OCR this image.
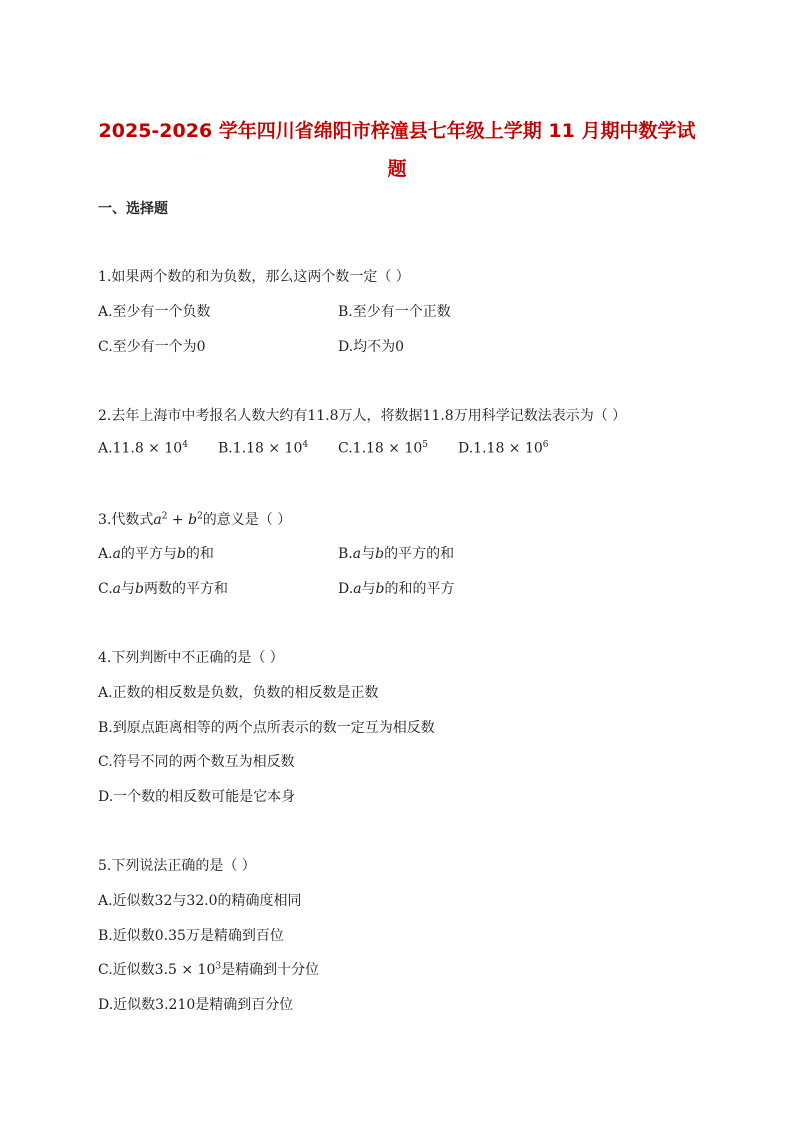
2025-2026 学年四川省绵阳市梓潼县七年级上学期 11 月期中数学试题
一、选择题
1.如果两个数的和为负数，那么这两个数一定（ ）
A.至少有一个负数	B.至少有一个正数
C.至少有一个为0	D.均不为0
2.去年上海市中考报名人数大约有11.8万人，将数据11.8万用科学记数法表示为（ ）
$A.11.8 \times 10^4$ $B.1.18 \times 10^4$ $C.1.18 \times 10^5$ $D.1.18 \times 10^6$
3.代数式$a^2 + b^2$的意义是（ ）
A.a的平方与b的和	B.a与b的平方的和
C.a与b两数的平方和	D.a与b的和的平方
4.下列判断中不正确的是（ ）
A.正数的相反数是负数，负数的相反数是正数
B.到原点距离相等的两个点所表示的数一定互为相反数
C.符号不同的两个数互为相反数
D.一个数的相反数可能是它本身
5.下列说法正确的是（ ）
A.近似数32与32.0的精确度相同
B.近似数0.35万是精确到百位
C.近似数$3.5 \times 10^3$是精确到十分位
D.近似数3.210是精确到百分位
